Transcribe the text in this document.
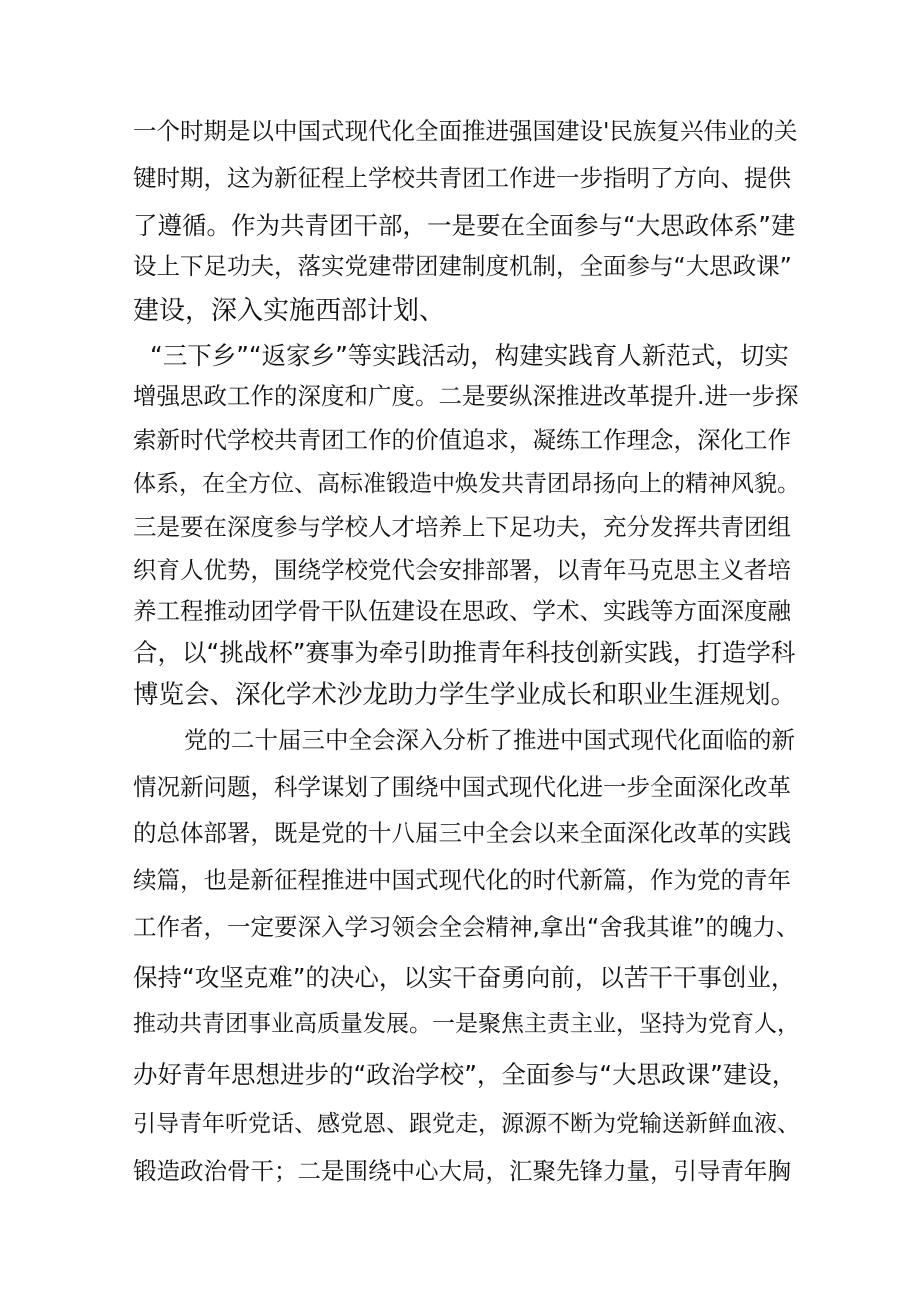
一个时期是以中国式现代化全面推进强国建设'民族复兴伟业的关
键时期，这为新征程上学校共青团工作进一步指明了方向、提供
了遵循。作为共青团干部，一是要在全面参与“大思政体系”建
设上下足功夫，落实党建带团建制度机制，全面参与“大思政课”
建设，深入实施西部计划、
“三下乡”“返家乡”等实践活动，构建实践育人新范式，切实
增强思政工作的深度和广度。二是要纵深推进改革提升.进一步探
索新时代学校共青团工作的价值追求，凝练工作理念，深化工作
体系，在全方位、高标准锻造中焕发共青团昂扬向上的精神风貌。
三是要在深度参与学校人才培养上下足功夫，充分发挥共青团组
织育人优势，围绕学校党代会安排部署，以青年马克思主义者培
养工程推动团学骨干队伍建设在思政、学术、实践等方面深度融
合，以“挑战杯”赛事为牵引助推青年科技创新实践，打造学科
博览会、深化学术沙龙助力学生学业成长和职业生涯规划。
党的二十届三中全会深入分析了推进中国式现代化面临的新
情况新问题，科学谋划了围绕中国式现代化进一步全面深化改革
的总体部署，既是党的十八届三中全会以来全面深化改革的实践
续篇，也是新征程推进中国式现代化的时代新篇，作为党的青年
工作者，一定要深入学习领会全会精神,拿出“舍我其谁”的魄力、
保持“攻坚克难”的决心，以实干奋勇向前，以苦干干事创业，
推动共青团事业高质量发展。一是聚焦主责主业，坚持为党育人，
办好青年思想进步的“政治学校”，全面参与“大思政课”建设，
引导青年听党话、感党恩、跟党走，源源不断为党输送新鲜血液、
锻造政治骨干；二是围绕中心大局，汇聚先锋力量，引导青年胸
